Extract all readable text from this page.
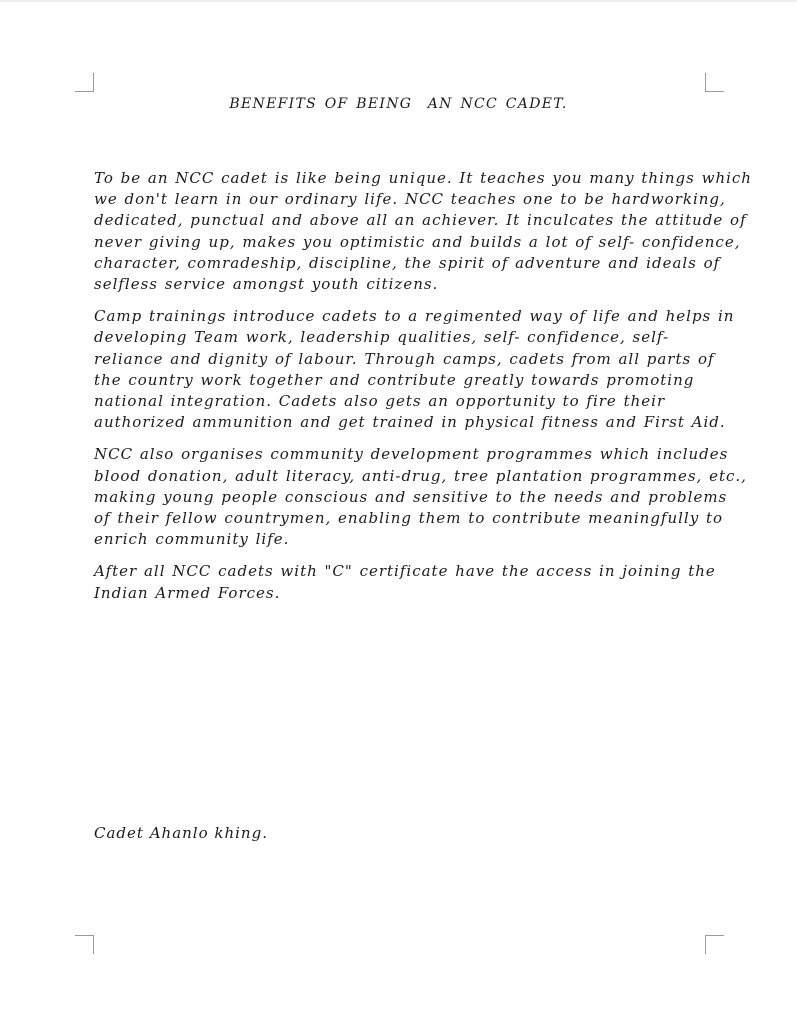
BENEFITS OF BEING  AN NCC CADET.

To be an NCC cadet is like being unique. It teaches you many things which
we don't learn in our ordinary life. NCC teaches one to be hardworking,
dedicated, punctual and above all an achiever. It inculcates the attitude of
never giving up, makes you optimistic and builds a lot of self- confidence,
character, comradeship, discipline, the spirit of adventure and ideals of
selfless service amongst youth citizens.

Camp trainings introduce cadets to a regimented way of life and helps in
developing Team work, leadership qualities, self- confidence, self-
reliance and dignity of labour. Through camps, cadets from all parts of
the country work together and contribute greatly towards promoting
national integration. Cadets also gets an opportunity to fire their
authorized ammunition and get trained in physical fitness and First Aid.

NCC also organises community development programmes which includes
blood donation, adult literacy, anti-drug, tree plantation programmes, etc.,
making young people conscious and sensitive to the needs and problems
of their fellow countrymen, enabling them to contribute meaningfully to
enrich community life.

After all NCC cadets with "C" certificate have the access in joining the
Indian Armed Forces.

Cadet Ahanlo khing.
